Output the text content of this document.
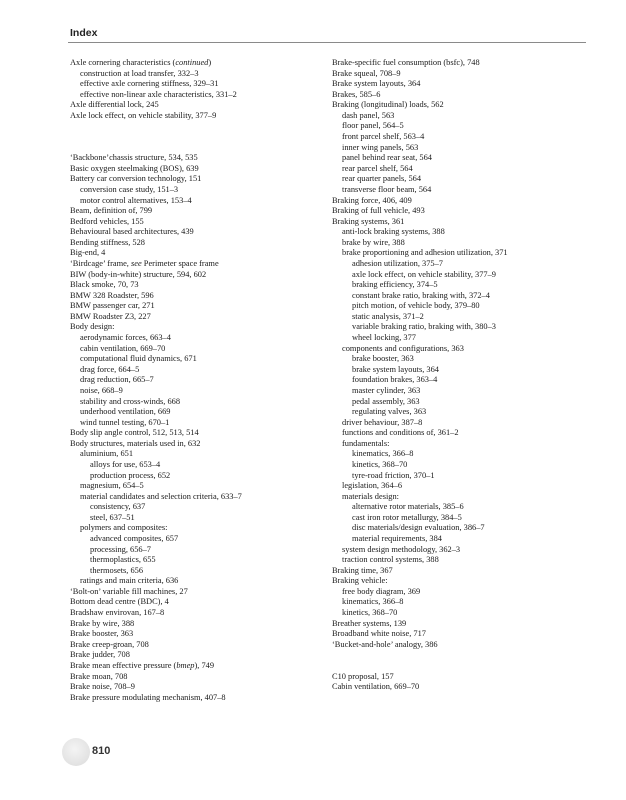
Index
Axle cornering characteristics (continued)
construction at load transfer, 332–3
effective axle cornering stiffness, 329–31
effective non-linear axle characteristics, 331–2
Axle differential lock, 245
Axle lock effect, on vehicle stability, 377–9
‘Backbone’chassis structure, 534, 535
Basic oxygen steelmaking (BOS), 639
Battery car conversion technology, 151
conversion case study, 151–3
motor control alternatives, 153–4
Beam, definition of, 799
Bedford vehicles, 155
Behavioural based architectures, 439
Bending stiffness, 528
Big-end, 4
‘Birdcage’ frame, see Perimeter space frame
BIW (body-in-white) structure, 594, 602
Black smoke, 70, 73
BMW 328 Roadster, 596
BMW passenger car, 271
BMW Roadster Z3, 227
Body design:
aerodynamic forces, 663–4
cabin ventilation, 669–70
computational fluid dynamics, 671
drag force, 664–5
drag reduction, 665–7
noise, 668–9
stability and cross-winds, 668
underhood ventilation, 669
wind tunnel testing, 670–1
Body slip angle control, 512, 513, 514
Body structures, materials used in, 632
aluminium, 651
alloys for use, 653–4
production process, 652
magnesium, 654–5
material candidates and selection criteria, 633–7
consistency, 637
steel, 637–51
polymers and composites:
advanced composites, 657
processing, 656–7
thermoplastics, 655
thermosets, 656
ratings and main criteria, 636
‘Bolt-on’ variable fill machines, 27
Bottom dead centre (BDC), 4
Bradshaw envirovan, 167–8
Brake by wire, 388
Brake booster, 363
Brake creep-groan, 708
Brake judder, 708
Brake mean effective pressure (bmep), 749
Brake moan, 708
Brake noise, 708–9
Brake pressure modulating mechanism, 407–8
Brake-specific fuel consumption (bsfc), 748
Brake squeal, 708–9
Brake system layouts, 364
Brakes, 585–6
Braking (longitudinal) loads, 562
dash panel, 563
floor panel, 564–5
front parcel shelf, 563–4
inner wing panels, 563
panel behind rear seat, 564
rear parcel shelf, 564
rear quarter panels, 564
transverse floor beam, 564
Braking force, 406, 409
Braking of full vehicle, 493
Braking systems, 361
anti-lock braking systems, 388
brake by wire, 388
brake proportioning and adhesion utilization, 371
adhesion utilization, 375–7
axle lock effect, on vehicle stability, 377–9
braking efficiency, 374–5
constant brake ratio, braking with, 372–4
pitch motion, of vehicle body, 379–80
static analysis, 371–2
variable braking ratio, braking with, 380–3
wheel locking, 377
components and configurations, 363
brake booster, 363
brake system layouts, 364
foundation brakes, 363–4
master cylinder, 363
pedal assembly, 363
regulating valves, 363
driver behaviour, 387–8
functions and conditions of, 361–2
fundamentals:
kinematics, 366–8
kinetics, 368–70
tyre-road friction, 370–1
legislation, 364–6
materials design:
alternative rotor materials, 385–6
cast iron rotor metallurgy, 384–5
disc materials/design evaluation, 386–7
material requirements, 384
system design methodology, 362–3
traction control systems, 388
Braking time, 367
Braking vehicle:
free body diagram, 369
kinematics, 366–8
kinetics, 368–70
Breather systems, 139
Broadband white noise, 717
‘Bucket-and-hole’ analogy, 386
C10 proposal, 157
Cabin ventilation, 669–70
810
